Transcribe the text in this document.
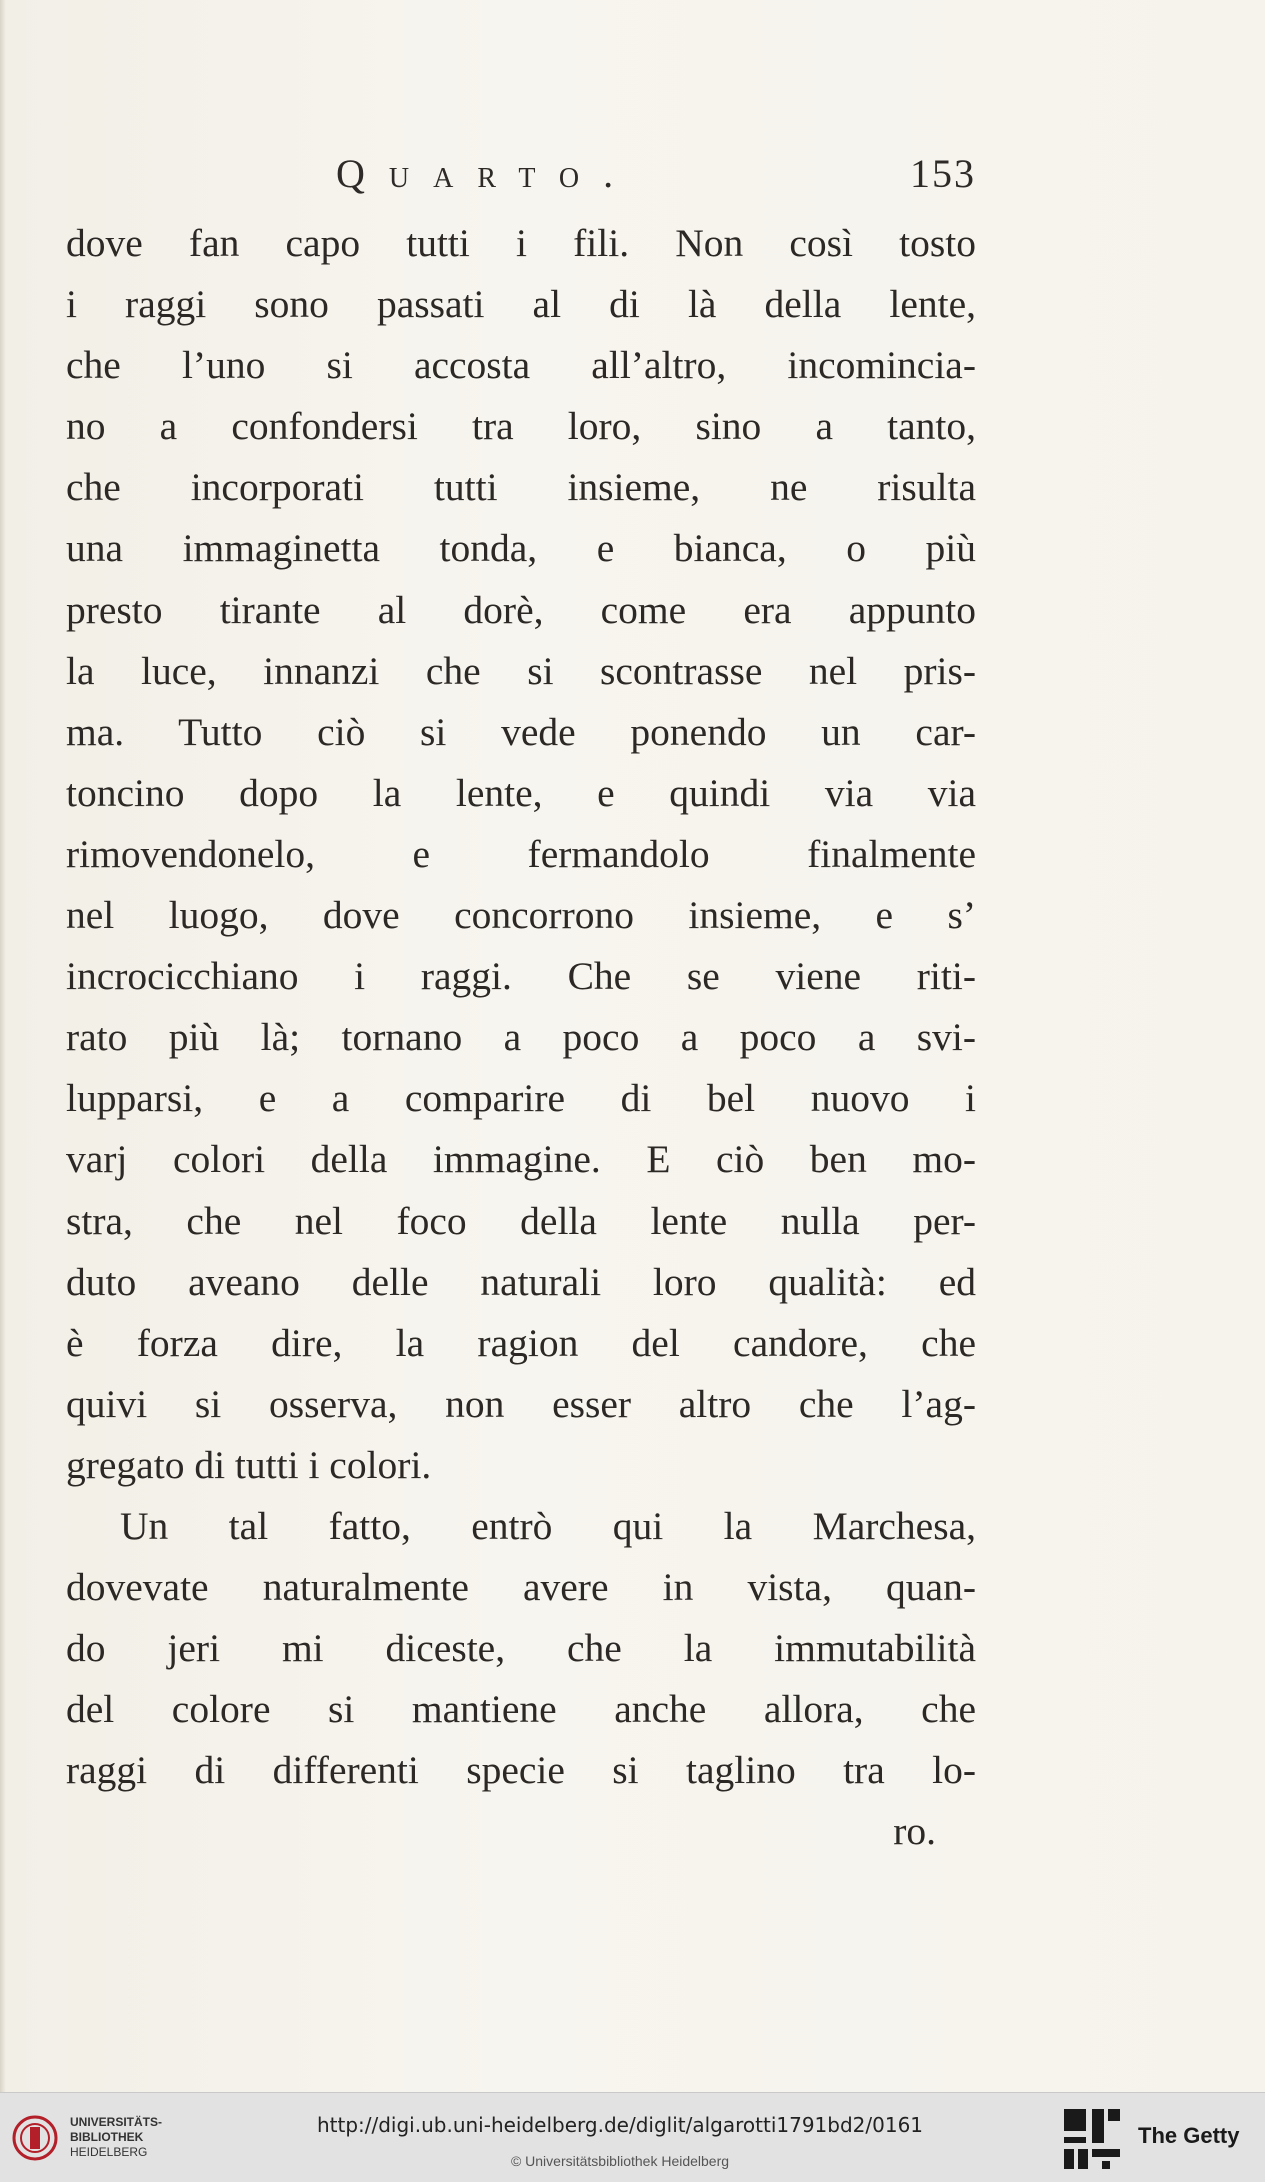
Quarto.	153
dove fan capo tutti i fili. Non così tosto
i raggi sono passati al di là della lente,
che l’uno si accosta all’altro, incomincia-
no a confondersi tra loro, sino a tanto,
che incorporati tutti insieme, ne risulta
una immaginetta tonda, e bianca, o più
presto tirante al dorè, come era appunto
la luce, innanzi che si scontrasse nel pris-
ma. Tutto ciò si vede ponendo un car-
toncino dopo la lente, e quindi via via
rimovendonelo, e fermandolo finalmente
nel luogo, dove concorrono insieme, e s’
incrocicchiano i raggi. Che se viene riti-
rato più là; tornano a poco a poco a svi-
lupparsi, e a comparire di bel nuovo i
varj colori della immagine. E ciò ben mo-
stra, che nel foco della lente nulla per-
duto aveano delle naturali loro qualità: ed
è forza dire, la ragion del candore, che
quivi si osserva, non esser altro che l’ag-
gregato di tutti i colori.
Un tal fatto, entrò qui la Marchesa,
dovevate naturalmente avere in vista, quan-
do jeri mi diceste, che la immutabilità
del colore si mantiene anche allora, che
raggi di differenti specie si taglino tra lo-
ro.
UNIVERSITÄTS-
BIBLIOTHEK
HEIDELBERG
http://digi.ub.uni-heidelberg.de/diglit/algarotti1791bd2/0161
© Universitätsbibliothek Heidelberg
The Getty
